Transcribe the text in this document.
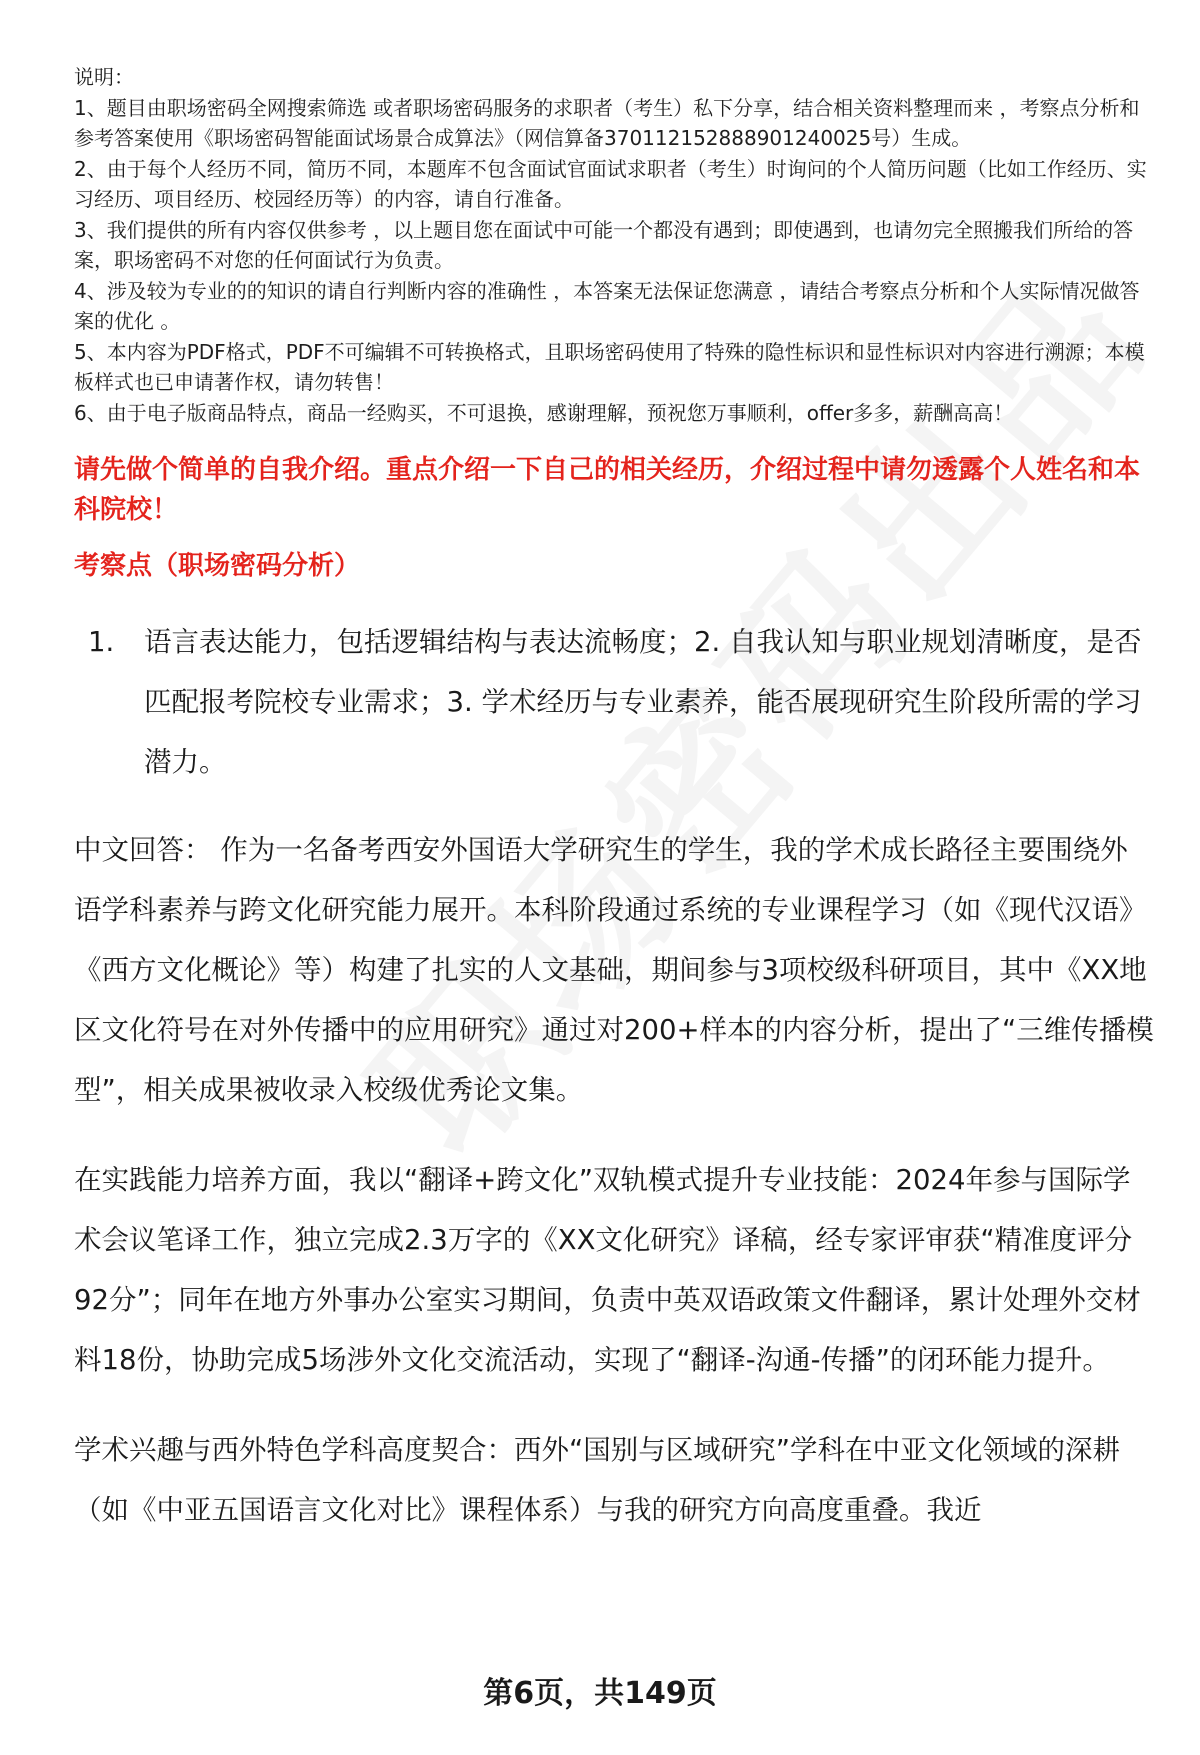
说明：

1、题目由职场密码全网搜索筛选 或者职场密码服务的求职者（考生）私下分享，结合相关资料整理而来 ，考察点分析和参考答案使用《职场密码智能面试场景合成算法》（网信算备370112152888901240025号）生成。

2、由于每个人经历不同，简历不同，本题库不包含面试官面试求职者（考生）时询问的个人简历问题（比如工作经历、实习经历、项目经历、校园经历等）的内容，请自行准备。

3、我们提供的所有内容仅供参考 ，以上题目您在面试中可能一个都没有遇到；即使遇到，也请勿完全照搬我们所给的答案，职场密码不对您的任何面试行为负责。

4、涉及较为专业的的知识的请自行判断内容的准确性 ，本答案无法保证您满意 ，请结合考察点分析和个人实际情况做答案的优化 。

5、本内容为PDF格式，PDF不可编辑不可转换格式，且职场密码使用了特殊的隐性标识和显性标识对内容进行溯源；本模板样式也已申请著作权，请勿转售！

6、由于电子版商品特点，商品一经购买，不可退换，感谢理解，预祝您万事顺利，offer多多，薪酬高高！

请先做个简单的自我介绍。重点介绍一下自己的相关经历，介绍过程中请勿透露个人姓名和本科院校！
考察点（职场密码分析）
1.	语言表达能力，包括逻辑结构与表达流畅度；2. 自我认知与职业规划清晰度，是否匹配报考院校专业需求；3. 学术经历与专业素养，能否展现研究生阶段所需的学习潜力。

中文回答： 作为一名备考西安外国语大学研究生的学生，我的学术成长路径主要围绕外语学科素养与跨文化研究能力展开。本科阶段通过系统的专业课程学习（如《现代汉语》《西方文化概论》等）构建了扎实的人文基础，期间参与3项校级科研项目，其中《XX地区文化符号在对外传播中的应用研究》通过对200+样本的内容分析，提出了“三维传播模型”，相关成果被收录入校级优秀论文集。

在实践能力培养方面，我以“翻译+跨文化”双轨模式提升专业技能：2024年参与国际学术会议笔译工作，独立完成2.3万字的《XX文化研究》译稿，经专家评审获“精准度评分92分”；同年在地方外事办公室实习期间，负责中英双语政策文件翻译，累计处理外交材料18份，协助完成5场涉外文化交流活动，实现了“翻译-沟通-传播”的闭环能力提升。

学术兴趣与西外特色学科高度契合：西外“国别与区域研究”学科在中亚文化领域的深耕（如《中亚五国语言文化对比》课程体系）与我的研究方向高度重叠。我近

第6页，共149页
